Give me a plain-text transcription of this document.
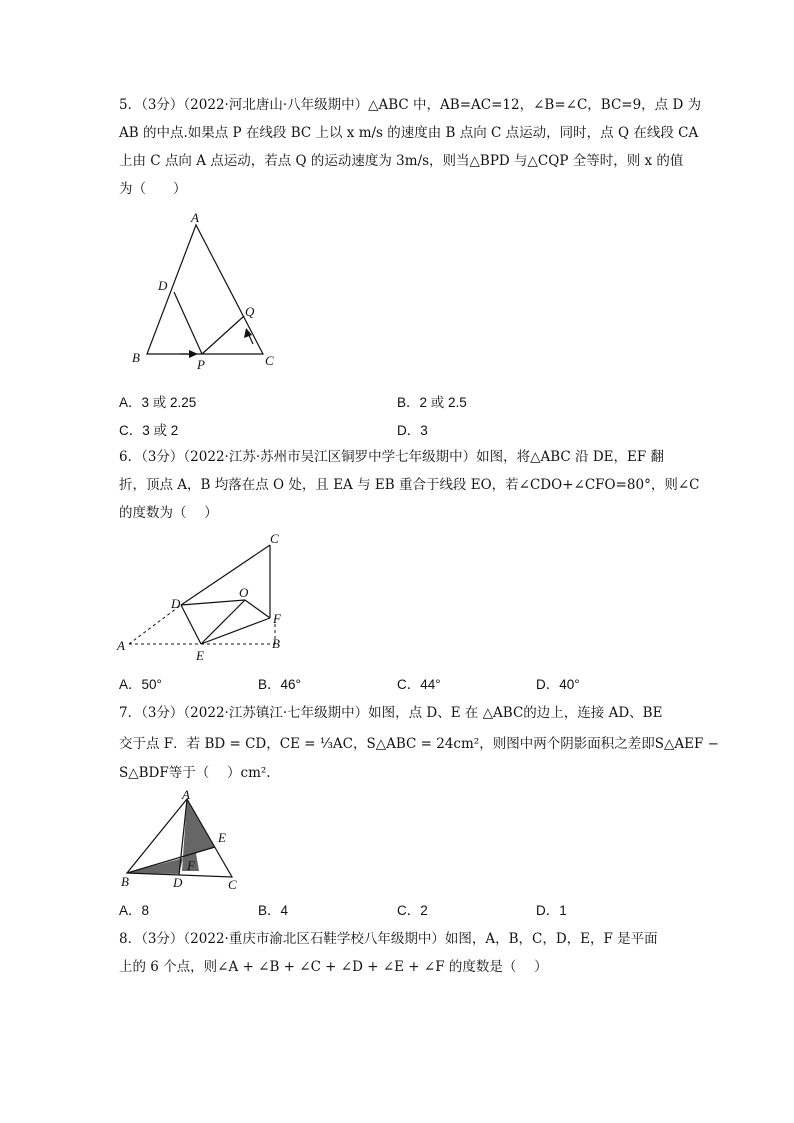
5．（3分）（2022·河北唐山·八年级期中）△ABC 中，AB=AC=12，∠B=∠C，BC=9，点 D 为
AB 的中点.如果点 P 在线段 BC 上以 x m/s 的速度由 B 点向 C 点运动，同时，点 Q 在线段 CA
上由 C 点向 A 点运动，若点 Q 的运动速度为 3m/s，则当△BPD 与△CQP 全等时，则 x 的值
为（　　）
A
D
Q
B	P	C
A．3 或 2.25	B．2 或 2.5
C．3 或 2	D．3
6．（3分）（2022·江苏·苏州市吴江区铜罗中学七年级期中）如图，将△ABC 沿 DE，EF 翻
折，顶点 A，B 均落在点 O 处，且 EA 与 EB 重合于线段 EO，若∠CDO+∠CFO=80°，则∠C
的度数为（　 ）
C
O
D
F
A	B
E
A．50°	B．46°	C．44°	D．40°
7．（3分）（2022·江苏镇江·七年级期中）如图，点 D、E 在 △ABC的边上，连接 AD、BE
交于点 F．若 BD = CD，CE = ⅓AC，S△ABC = 24cm²，则图中两个阴影面积之差即S△AEF −
S△BDF等于（　 ）cm².
A
E
F
B	D	C
A．8	B．4	C．2	D．1
8．（3分）（2022·重庆市渝北区石鞋学校八年级期中）如图，A，B，C，D，E，F 是平面
上的 6 个点，则∠A + ∠B + ∠C + ∠D + ∠E + ∠F 的度数是（　 ）
